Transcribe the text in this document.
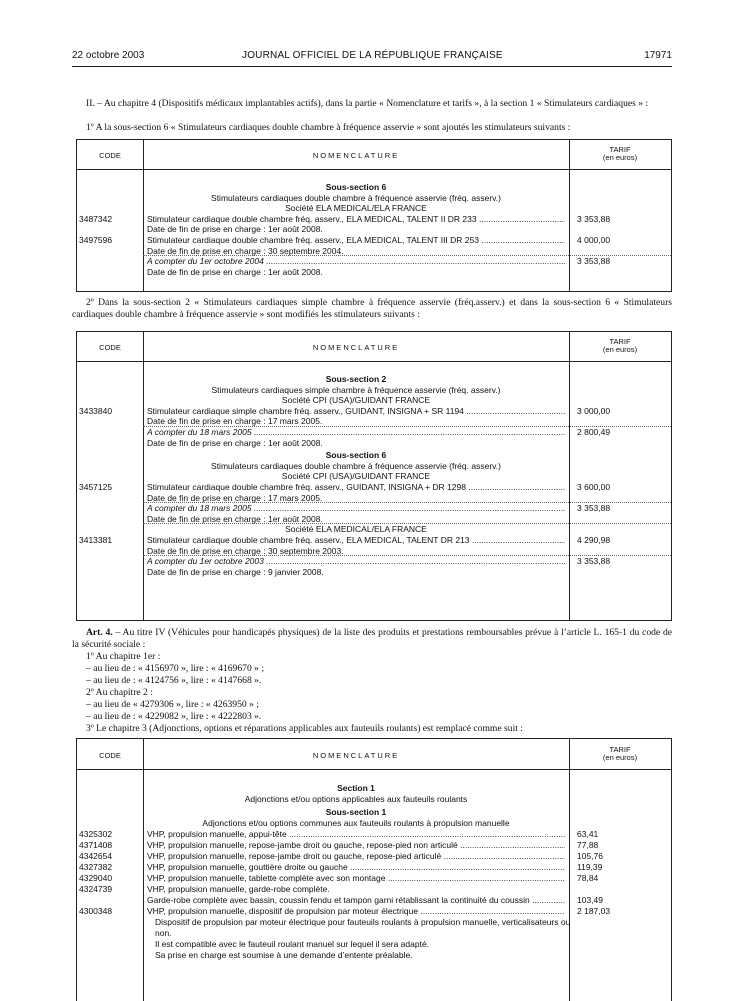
22 octobre 2003	JOURNAL OFFICIEL DE LA RÉPUBLIQUE FRANÇAISE	17971
II. – Au chapitre 4 (Dispositifs médicaux implantables actifs), dans la partie « Nomenclature et tarifs », à la section 1 « Stimulateurs cardiaques » :
1º A la sous-section 6 « Stimulateurs cardiaques double chambre à fréquence asservie » sont ajoutés les stimulateurs suivants :
CODE	NOMENCLATURE
TARIF
(en euros)
Sous-section 6
Stimulateurs cardiaques double chambre à fréquence asservie (fréq. asserv.)
Société ELA MEDICAL/ELA FRANCE
3487342	Stimulateur cardiaque double chambre fréq. asserv., ELA MEDICAL, TALENT II DR 233 .....	3 353,88
Date de fin de prise en charge : 1er août 2008.
3497596	Stimulateur cardiaque double chambre fréq. asserv., ELA MEDICAL, TALENT III DR 253 .....	4 000,00
Date de fin de prise en charge : 30 septembre 2004.
A compter du 1er octobre 2004 .....	3 353,88
Date de fin de prise en charge : 1er août 2008.
2º Dans la sous-section 2 « Stimulateurs cardiaques simple chambre à fréquence asservie (fréq.asserv.) et dans la sous-section 6 « Stimulateurs cardiaques double chambre à fréquence asservie » sont modifiés les stimulateurs suivants :
CODE	NOMENCLATURE
TARIF
(en euros)
Sous-section 2
Stimulateurs cardiaques simple chambre à fréquence asservie (fréq. asserv.)
Société CPI (USA)/GUIDANT FRANCE
3433840	Stimulateur cardiaque simple chambre fréq. asserv., GUIDANT, INSIGNA + SR 1194 .....	3 000,00
Date de fin de prise en charge : 17 mars 2005.
A compter du 18 mars 2005 .....	2 800,49
Date de fin de prise en charge : 1er août 2008.
Sous-section 6
Stimulateurs cardiaques double chambre à fréquence asservie (fréq. asserv.)
Société CPI (USA)/GUIDANT FRANCE
3457125	Stimulateur cardiaque double chambre fréq. asserv., GUIDANT, INSIGNA + DR 1298 .....	3 600,00
Date de fin de prise en charge : 17 mars 2005.
A compter du 18 mars 2005 .....	3 353,88
Date de fin de prise en charge : 1er août 2008.
Société ELA MEDICAL/ELA FRANCE
3413381	Stimulateur cardiaque double chambre fréq. asserv., ELA MEDICAL, TALENT DR 213 .....	4 290,98
Date de fin de prise en charge : 30 septembre 2003.
A compter du 1er octobre 2003 .....	3 353,88
Date de fin de prise en charge : 9 janvier 2008.
Art. 4. – Au titre IV (Véhicules pour handicapés physiques) de la liste des produits et prestations remboursables prévue à l’article L. 165-1 du code de la sécurité sociale :
1º Au chapitre 1er :
– au lieu de : « 4156970 », lire : « 4169670 » ;
– au lieu de : « 4124756 », lire : « 4147668 ».
2º Au chapitre 2 :
– au lieu de « 4279306 », lire : « 4263950 » ;
– au lieu de : « 4229082 », lire : « 4222803 ».
3º Le chapitre 3 (Adjonctions, options et réparations applicables aux fauteuils roulants) est remplacé comme suit :
CODE	NOMENCLATURE
TARIF
(en euros)
Section 1
Adjonctions et/ou options applicables aux fauteuils roulants
Sous-section 1
Adjonctions et/ou options communes aux fauteuils roulants à propulsion manuelle
4325302	VHP, propulsion manuelle, appui-tête .....	63,41
4371408	VHP, propulsion manuelle, repose-jambe droit ou gauche, repose-pied non articulé .....	77,88
4342654	VHP, propulsion manuelle, repose-jambe droit ou gauche, repose-pied articulé .....	105,76
4327382	VHP, propulsion manuelle, gouttière droite ou gauche .....	119,39
4329040	VHP, propulsion manuelle, tablette complète avec son montage .....	78,84
4324739	VHP, propulsion manuelle, garde-robe complète.
Garde-robe complète avec bassin, coussin fendu et tampon garni rétablissant la continuité du coussin .....	103,49
4300348	VHP, propulsion manuelle, dispositif de propulsion par moteur électrique .....	2 187,03
Dispositif de propulsion par moteur électrique pour fauteuils roulants à propulsion manuelle, verticalisateurs ou
non.
Il est compatible avec le fauteuil roulant manuel sur lequel il sera adapté.
Sa prise en charge est soumise à une demande d’entente préalable.
